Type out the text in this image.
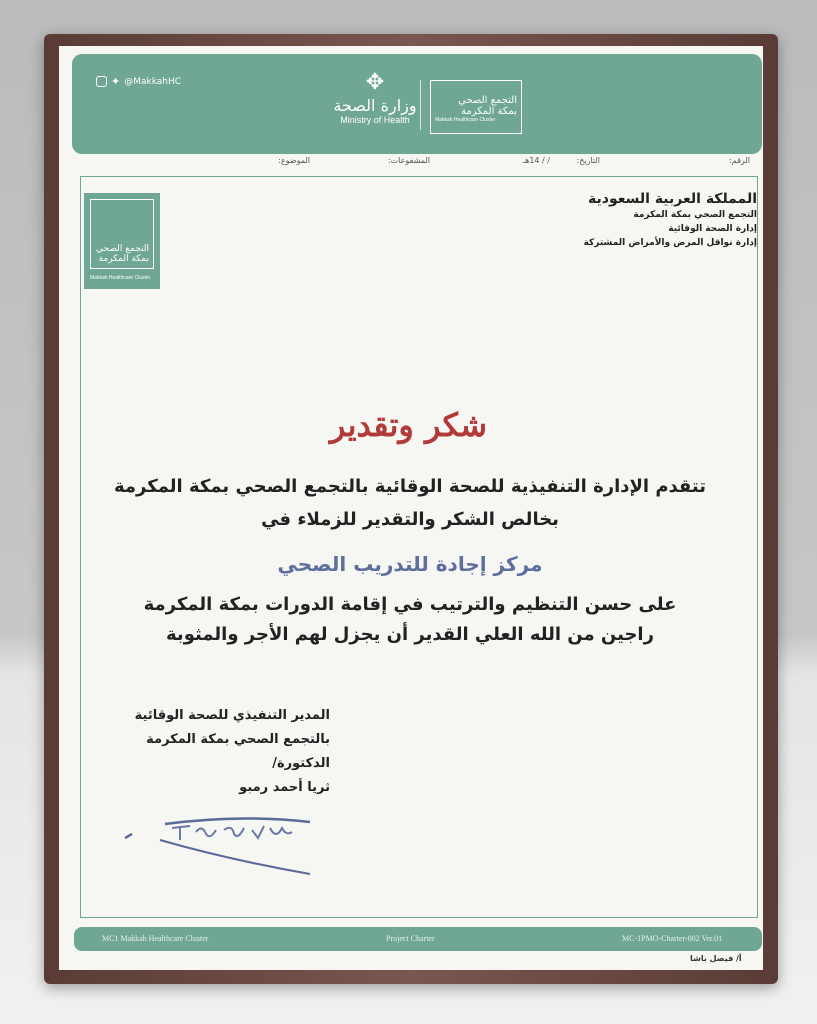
✦ @MakkahHC	✥
وزارة الصحة
Ministry of Health
التجمع الصحي
بمكة المكرمة
Makkah Healthcare Cluster
الرقم:
التاريخ:
/ / 14هـ
المشفوعات:
الموضوع:
التجمع الصحي
بمكة المكرمة
Makkah Healthcare Cluster
المملكة العربية السعودية
التجمع الصحي بمكة المكرمة
إدارة الصحة الوقائية
إدارة نواقل المرض والأمراض المشتركة
شكر وتقدير
تتقدم الإدارة التنفيذية للصحة الوقائية بالتجمع الصحي بمكة المكرمة
بخالص الشكر والتقدير للزملاء في
مركز إجادة للتدريب الصحي
على حسن التنظيم والترتيب في إقامة الدورات بمكة المكرمة
راجين من الله العلي القدير أن يجزل لهم الأجر والمثوبة
المدير التنفيذي للصحة الوقائية
بالتجمع الصحي بمكة المكرمة
الدكتورة/
ثريا أحمد رمبو
MC1 Makkah Healthcare Cluster	Project Charter	MC-1PMO-Charter-002 Ver.01
أ/ فيصل باشا
